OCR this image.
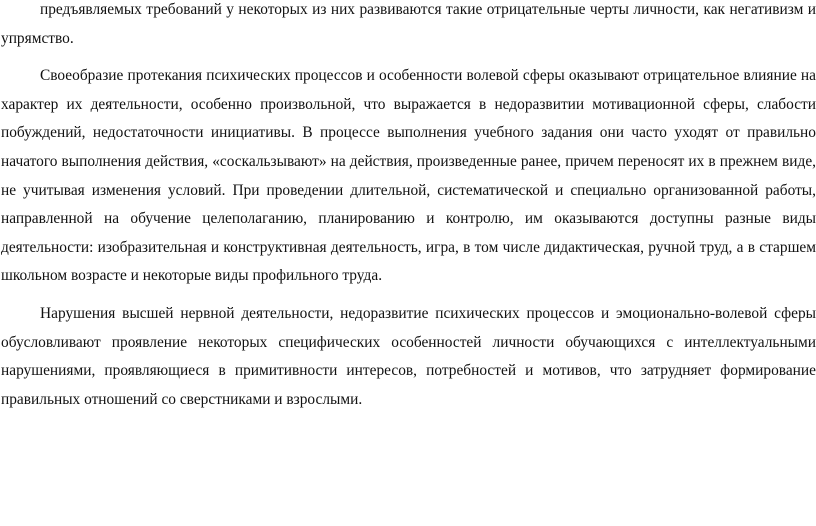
предъявляемых требований у некоторых из них развиваются такие отрицательные черты личности, как негативизм и упрямство.

Своеобразие протекания психических процессов и особенности волевой сферы оказывают отрицательное влияние на характер их деятельности, особенно произвольной, что выражается в недоразвитии мотивационной сферы, слабости побуждений, недостаточности инициативы. В процессе выполнения учебного задания они часто уходят от правильно начатого выполнения действия, «соскальзывают» на действия, произведенные ранее, причем переносят их в прежнем виде, не учитывая изменения условий. При проведении длительной, систематической и специально организованной работы, направленной на обучение целеполаганию, планированию и контролю, им оказываются доступны разные виды деятельности: изобразительная и конструктивная деятельность, игра, в том числе дидактическая, ручной труд, а в старшем школьном возрасте и некоторые виды профильного труда.

Нарушения высшей нервной деятельности, недоразвитие психических процессов и эмоционально-волевой сферы обусловливают проявление некоторых специфических особенностей личности обучающихся с интеллектуальными нарушениями, проявляющиеся в примитивности интересов, потребностей и мотивов, что затрудняет формирование правильных отношений со сверстниками и взрослыми.
